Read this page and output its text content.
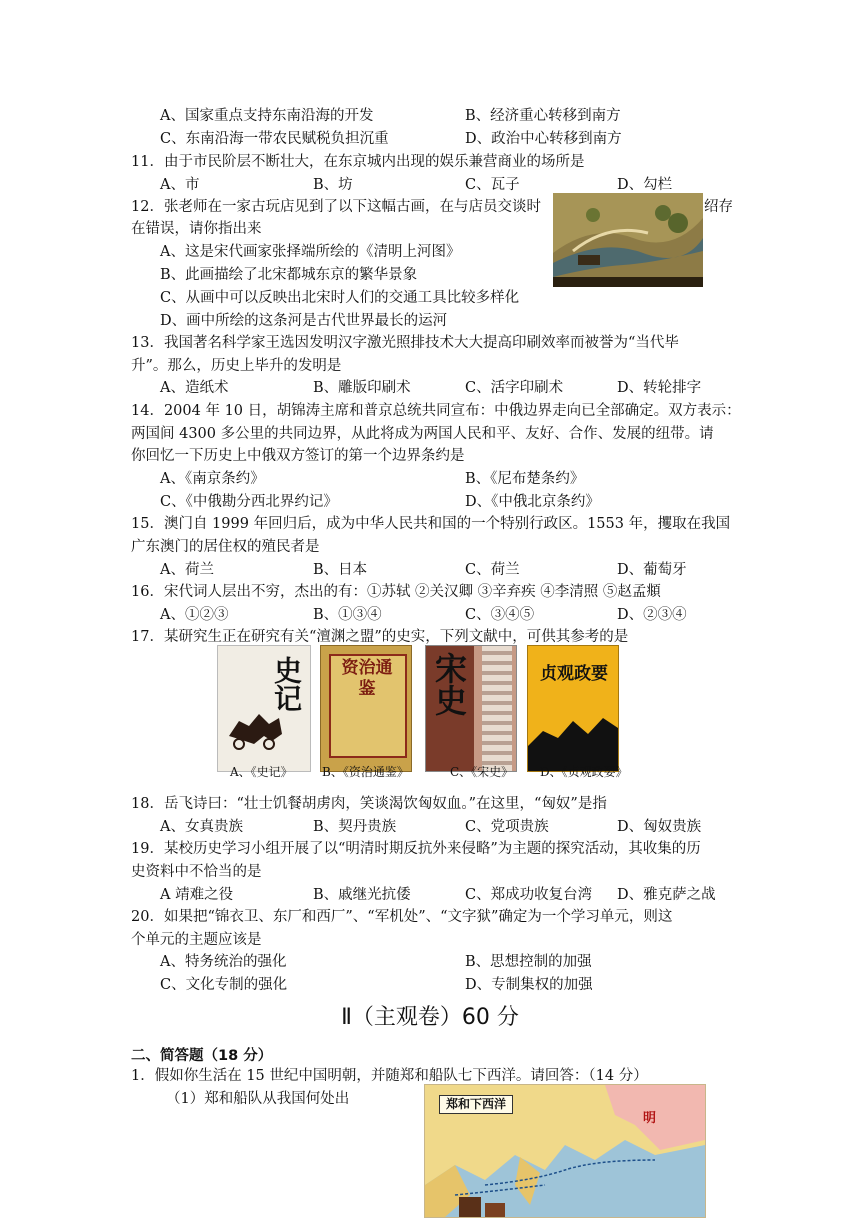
A、国家重点支持东南沿海的开发	B、经济重心转移到南方
C、东南沿海一带农民赋税负担沉重	D、政治中心转移到南方
11．由于市民阶层不断壮大，在东京城内出现的娱乐兼营商业的场所是
A、市	B、坊	C、瓦子	D、勾栏
12．张老师在一家古玩店见到了以下这幅古画，在与店员交谈时	绍存
在错误，请你指出来
A、这是宋代画家张择端所绘的《清明上河图》
B、此画描绘了北宋都城东京的繁华景象
C、从画中可以反映出北宋时人们的交通工具比较多样化
D、画中所绘的这条河是古代世界最长的运河
13．我国著名科学家王选因发明汉字激光照排技术大大提高印刷效率而被誉为“当代毕
升”。那么，历史上毕升的发明是
A、造纸术	B、雕版印刷术	C、活字印刷术	D、转轮排字
14．2004 年 10 日，胡锦涛主席和普京总统共同宣布：中俄边界走向已全部确定。双方表示：
两国间 4300 多公里的共同边界，从此将成为两国人民和平、友好、合作、发展的纽带。请
你回忆一下历史上中俄双方签订的第一个边界条约是
A、《南京条约》	B、《尼布楚条约》
C、《中俄勘分西北界约记》	D、《中俄北京条约》
15．澳门自 1999 年回归后，成为中华人民共和国的一个特别行政区。1553 年，攫取在我国
广东澳门的居住权的殖民者是
A、荷兰	B、日本	C、荷兰	D、葡萄牙
16．宋代词人层出不穷，杰出的有：①苏轼 ②关汉卿 ③辛弃疾 ④李清照 ⑤赵孟頫
A、①②③	B、①③④	C、③④⑤	D、②③④
17．某研究生正在研究有关“澶渊之盟”的史实，下列文献中，可供其参考的是
史记 资治通鉴	宋史	贞观政要
A、《史记》 B、《资治通鉴》	C、《宋史》 D、《贞观政要》
18．岳飞诗曰：“壮士饥餐胡虏肉，笑谈渴饮匈奴血。”在这里，“匈奴”是指
A、女真贵族	B、契丹贵族	C、党项贵族	D、匈奴贵族
19．某校历史学习小组开展了以“明清时期反抗外来侵略”为主题的探究活动，其收集的历
史资料中不恰当的是
A 靖难之役	B、戚继光抗倭	C、郑成功收复台湾 D、雅克萨之战
20．如果把“锦衣卫、东厂和西厂”、“军机处”、“文字狱”确定为一个学习单元，则这
个单元的主题应该是
A、特务统治的强化	B、思想控制的加强
C、文化专制的强化	D、专制集权的加强
Ⅱ（主观卷）60 分
二、简答题（18 分）
1．假如你生活在 15 世纪中国明朝，并随郑和船队七下西洋。请回答：（14 分）
（1）郑和船队从我国何处出	郑和下西洋
明
